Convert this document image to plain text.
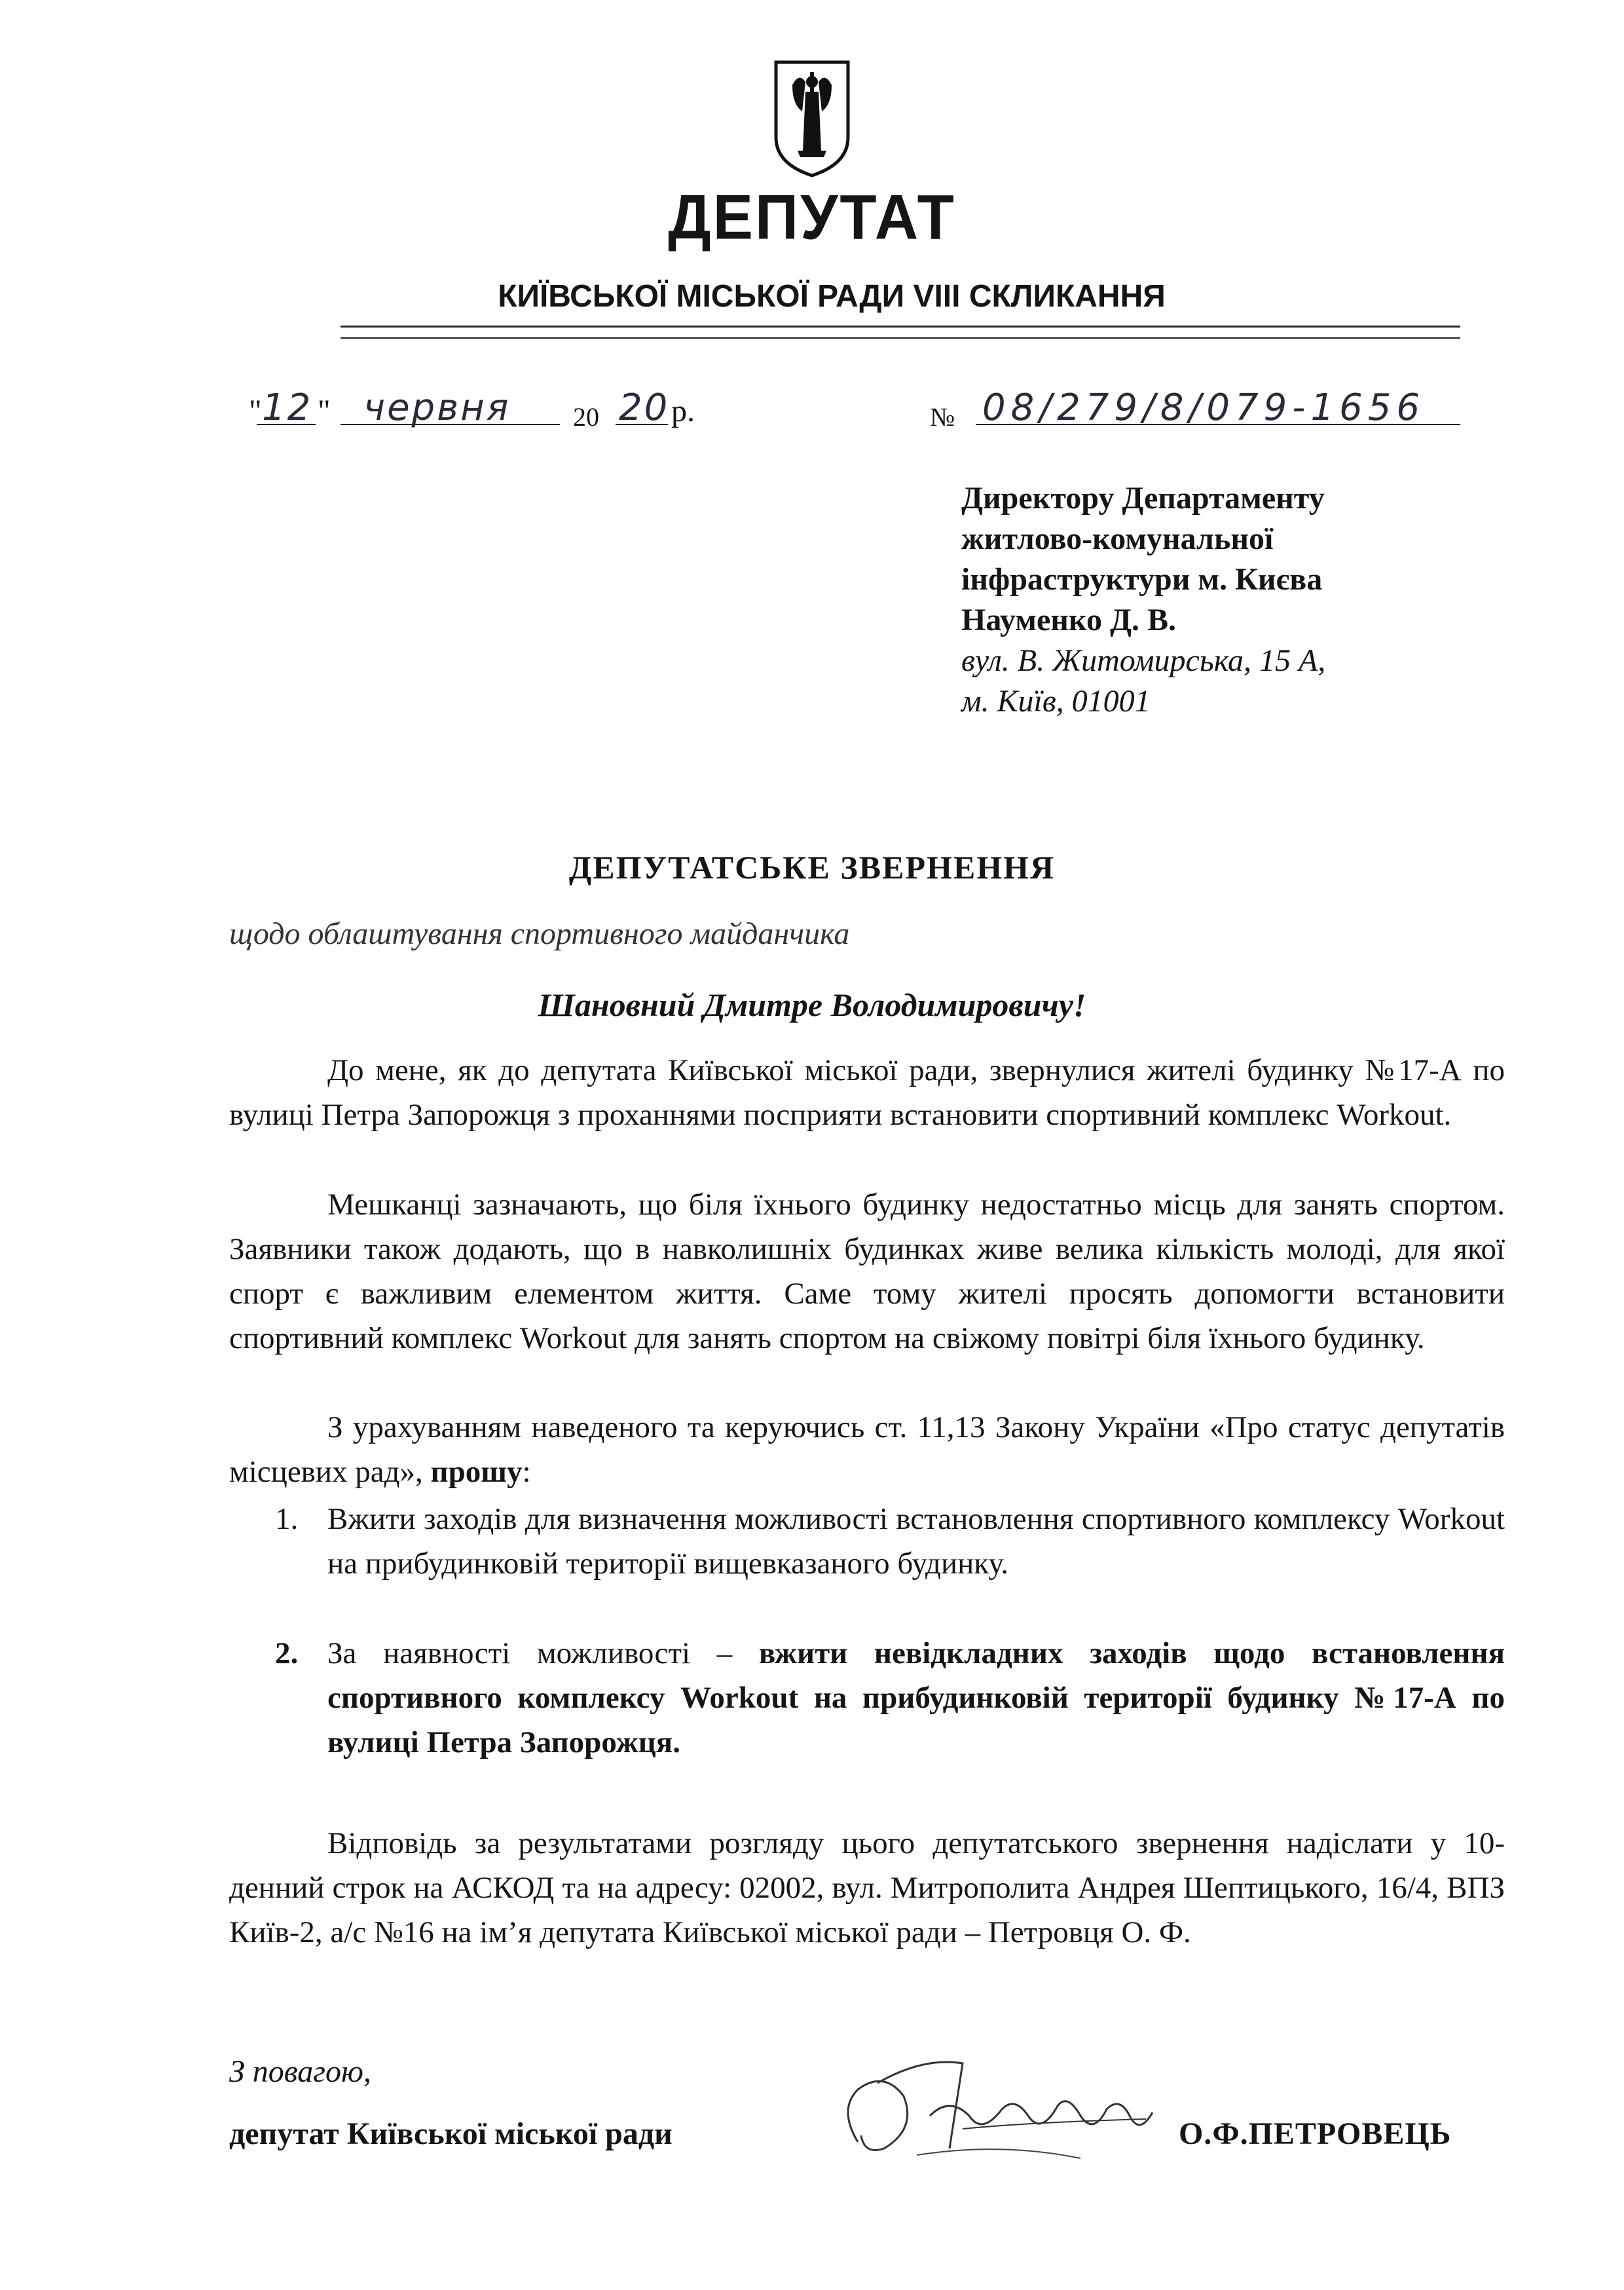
ДЕПУТАТ
КИЇВСЬКОЇ МІСЬКОЇ РАДИ VIII СКЛИКАННЯ
" 12 " червня 20 20 р.	№ 08/279/8/079-1656
Директору Департаменту
житлово-комунальної
інфраструктури м. Києва
Науменко Д. В.
вул. В. Житомирська, 15 А,
м. Київ, 01001
ДЕПУТАТСЬКЕ ЗВЕРНЕННЯ
щодо облаштування спортивного майданчика
Шановний Дмитре Володимировичу!
До мене, як до депутата Київської міської ради, звернулися жителі будинку №17-А по вулиці Петра Запорожця з проханнями посприяти встановити спортивний комплекс Workout.
Мешканці зазначають, що біля їхнього будинку недостатньо місць для занять спортом. Заявники також додають, що в навколишніх будинках живе велика кількість молоді, для якої спорт є важливим елементом життя. Саме тому жителі просять допомогти встановити спортивний комплекс Workout для занять спортом на свіжому повітрі біля їхнього будинку.
З урахуванням наведеного та керуючись ст. 11,13 Закону України «Про статус депутатів місцевих рад», прошу:
1. Вжити заходів для визначення можливості встановлення спортивного комплексу Workout на прибудинковій території вищевказаного будинку.
2. За наявності можливості – вжити невідкладних заходів щодо встановлення спортивного комплексу Workout на прибудинковій території будинку №17-А по вулиці Петра Запорожця.
Відповідь за результатами розгляду цього депутатського звернення надіслати у 10-денний строк на АСКОД та на адресу: 02002, вул. Митрополита Андрея Шептицького, 16/4, ВПЗ Київ-2, а/с №16 на ім’я депутата Київської міської ради – Петровця О. Ф.
З повагою,
депутат Київської міської ради	О.Ф.ПЕТРОВЕЦЬ
